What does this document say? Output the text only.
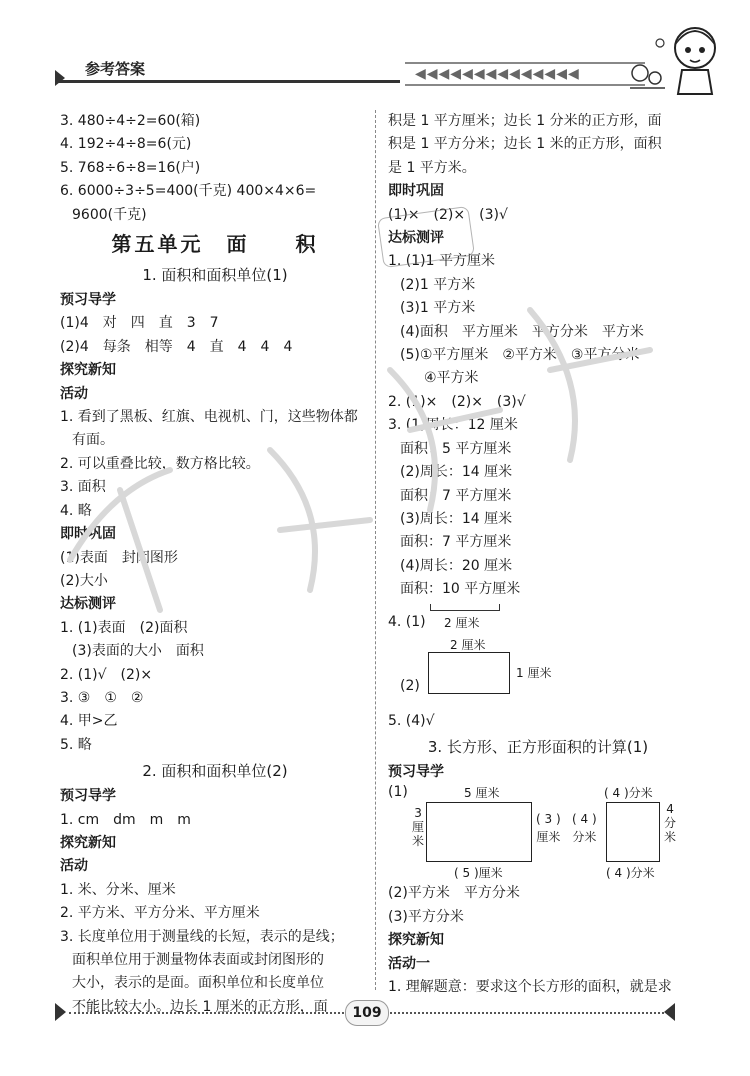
参考答案	◀◀◀◀◀◀◀◀◀◀◀◀◀◀
3. 480÷4÷2=60(箱)
4. 192÷4÷8=6(元)
5. 768÷6÷8=16(户)
6. 6000÷3÷5=400(千克) 400×4×6=
9600(千克)
第五单元　面　　积
1. 面积和面积单位(1)
预习导学
(1)4　对　四　直　3　7
(2)4　每条　相等　4　直　4　4　4
探究新知
活动
1. 看到了黑板、红旗、电视机、门，这些物体都
有面。
2. 可以重叠比较，数方格比较。
3. 面积
4. 略
即时巩固
(1)表面　封闭图形
(2)大小
达标测评
1. (1)表面　(2)面积
(3)表面的大小　面积
2. (1)√　(2)×
3. ③　①　②
4. 甲>乙
5. 略
2. 面积和面积单位(2)
预习导学
1. cm　dm　m　m
探究新知
活动
1. 米、分米、厘米
2. 平方米、平方分米、平方厘米
3. 长度单位用于测量线的长短，表示的是线；
面积单位用于测量物体表面或封闭图形的
大小，表示的是面。面积单位和长度单位
不能比较大小。边长 1 厘米的正方形，面
积是 1 平方厘米；边长 1 分米的正方形，面
积是 1 平方分米；边长 1 米的正方形，面积
是 1 平方米。
即时巩固
(1)×　(2)×　(3)√
达标测评
1. (1)1 平方厘米
(2)1 平方米
(3)1 平方米
(4)面积　平方厘米　平方分米　平方米
(5)①平方厘米　②平方米　③平方分米
④平方米
2. (1)×　(2)×　(3)√
3. (1)周长：12 厘米
面积：5 平方厘米
(2)周长：14 厘米
面积：7 平方厘米
(3)周长：14 厘米
面积：7 平方厘米
(4)周长：20 厘米
面积：10 平方厘米
4. (1) 2 厘米
2 厘米
1 厘米
(2)
5. (4)√
3. 长方形、正方形面积的计算(1)
预习导学
(1)	5 厘米
3
厘
米
( 3 )
厘米
( 5 )厘米
( 4 )分米
( 4 )
分米
4
分
米
( 4 )分米
(2)平方米　平方分米
(3)平方分米
探究新知
活动一
1. 理解题意：要求这个长方形的面积，就是求
109
